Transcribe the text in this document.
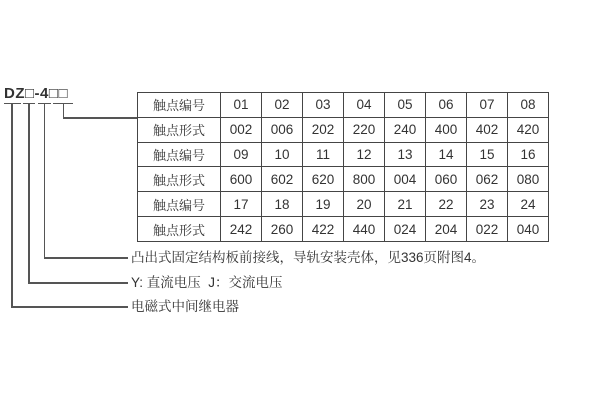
DZ□-4□□
触点编号	01	02	03	04	05	06	07	08
触点形式	002	006	202	220	240	400	402	420
触点编号	09	10	11	12	13	14	15	16
触点形式	600	602	620	800	004	060	062	080
触点编号	17	18	19	20	21	22	23	24
触点形式	242	260	422	440	024	204	022	040
凸出式固定结构板前接线，导轨安装壳体，见336页附图4。
Y: 直流电压  J：交流电压
电磁式中间继电器
